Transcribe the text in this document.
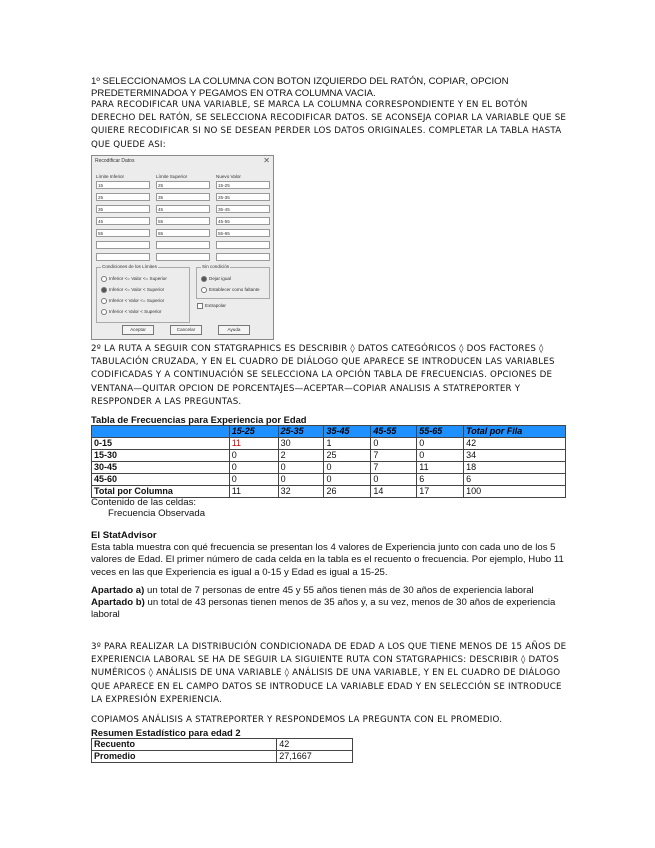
1º SELECCIONAMOS LA COLUMNA CON BOTON IZQUIERDO DEL RATÓN, COPIAR, OPCION PREDETERMINADOA Y PEGAMOS EN OTRA COLUMNA VACIA.

PARA RECODIFICAR UNA VARIABLE, SE MARCA LA COLUMNA CORRESPONDIENTE Y EN EL BOTÓN DERECHO DEL RATÓN, SE SELECCIONA RECODIFICAR DATOS. SE ACONSEJA COPIAR LA VARIABLE QUE SE QUIERE RECODIFICAR SI NO SE DESEAN PERDER LOS DATOS ORIGINALES. COMPLETAR LA TABLA HASTA QUE QUEDE ASI:

Recodificar Datos	✕
Límite Inferior	Límite Superior	Nuevo Valor
15	25	15-25
25	35	25-35
35	45	35-45
45	55	45-55
55	65	55-65
Condiciones de los Límites
Inferior <= Valor <= Superior
Inferior <= Valor < Superior
Inferior < Valor <= Superior
Inferior < Valor < Superior
Sin condición
Dejar igual
Establecer como faltante
Extrapolar
Aceptar	Cancelar	Ayuda

2º LA RUTA A SEGUIR CON STATGRAPHICS ES DESCRIBIR ◊ DATOS CATEGÓRICOS ◊ DOS FACTORES ◊ TABULACIÓN CRUZADA, Y EN EL CUADRO DE DIÁLOGO QUE APARECE SE INTRODUCEN LAS VARIABLES CODIFICADAS Y A CONTINUACIÓN SE SELECCIONA LA OPCIÓN TABLA DE FRECUENCIAS. OPCIONES DE VENTANA—QUITAR OPCION DE PORCENTAJES—ACEPTAR—COPIAR ANALISIS A STATREPORTER Y RESPPONDER A LAS PREGUNTAS.

Tabla de Frecuencias para Experiencia por Edad
	15-25	25-35	35-45	45-55	55-65	Total por Fila
0-15	11	30	1	0	0	42
15-30	0	2	25	7	0	34
30-45	0	0	0	7	11	18
45-60	0	0	0	0	6	6
Total por Columna	11	32	26	14	17	100
Contenido de las celdas:
Frecuencia Observada
El StatAdvisor

Esta tabla muestra con qué frecuencia se presentan los 4 valores de Experiencia junto con cada uno de los 5 valores de Edad. El primer número de cada celda en la tabla es el recuento o frecuencia. Por ejemplo, Hubo 11 veces en las que Experiencia es igual a 0-15 y Edad es igual a 15-25.

Apartado a) un total de 7 personas de entre 45 y 55 años tienen más de 30 años de experiencia laboral

Apartado b) un total de 43 personas tienen menos de 35 años y, a su vez, menos de 30 años de experiencia laboral

3º PARA REALIZAR LA DISTRIBUCIÓN CONDICIONADA DE EDAD A LOS QUE TIENE MENOS DE 15 AÑOS DE EXPERIENCIA LABORAL SE HA DE SEGUIR LA SIGUIENTE RUTA CON STATGRAPHICS: DESCRIBIR ◊ DATOS NUMÉRICOS ◊ ANÁLISIS DE UNA VARIABLE ◊ ANÁLISIS DE UNA VARIABLE, Y EN EL CUADRO DE DIÁLOGO QUE APARECE EN EL CAMPO DATOS SE INTRODUCE LA VARIABLE EDAD Y EN SELECCIÓN SE INTRODUCE LA EXPRESIÓN EXPERIENCIA.

COPIAMOS ANÁLISIS A STATREPORTER Y RESPONDEMOS LA PREGUNTA CON EL PROMEDIO.

Resumen Estadístico para edad 2
Recuento	42
Promedio	27,1667
